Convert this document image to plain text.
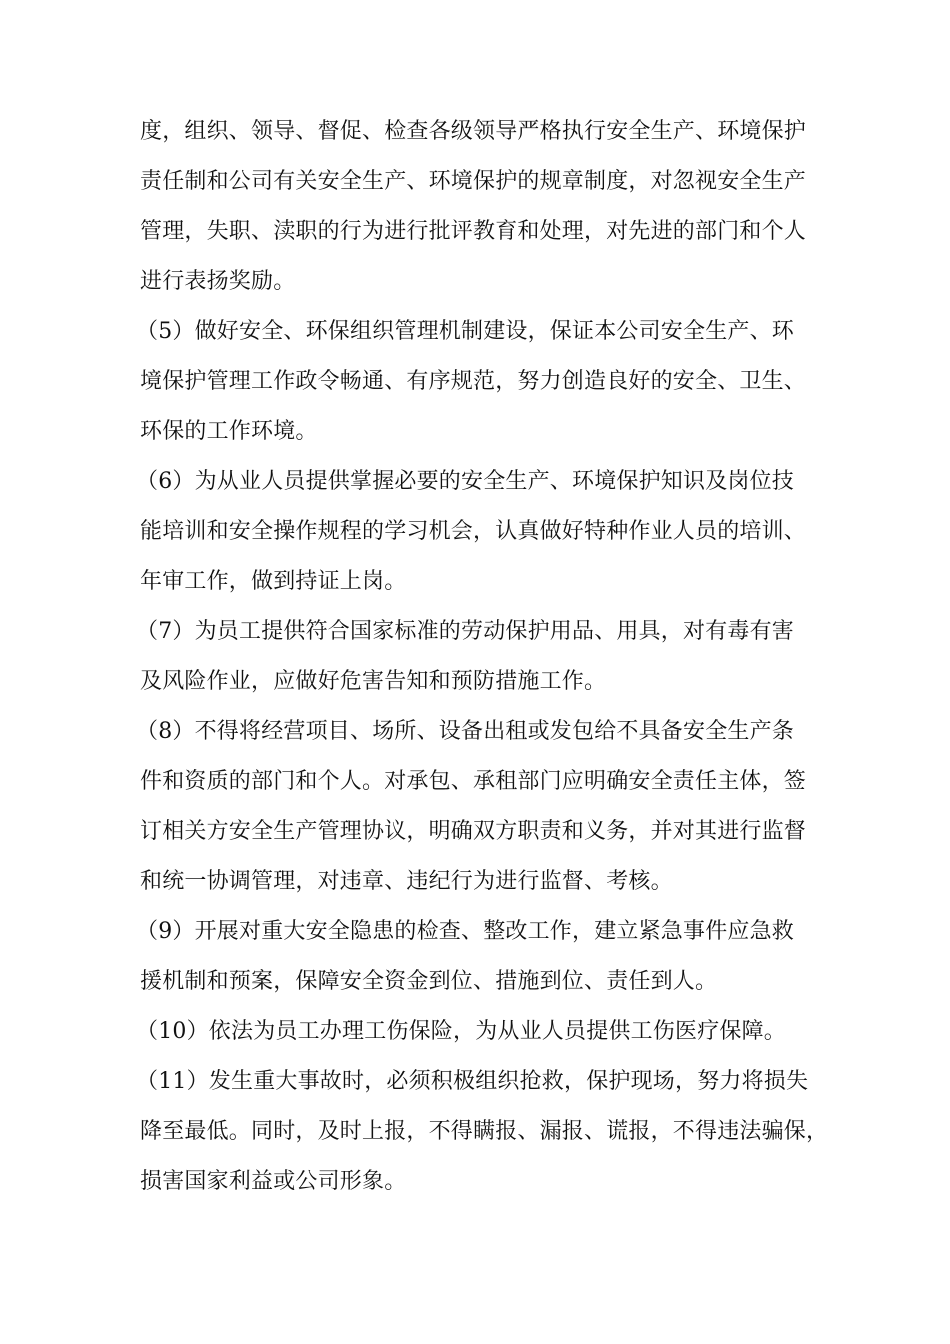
度，组织、领导、督促、检查各级领导严格执行安全生产、环境保护
责任制和公司有关安全生产、环境保护的规章制度，对忽视安全生产
管理，失职、渎职的行为进行批评教育和处理，对先进的部门和个人
进行表扬奖励。
（5）做好安全、环保组织管理机制建设，保证本公司安全生产、环
境保护管理工作政令畅通、有序规范，努力创造良好的安全、卫生、
环保的工作环境。
（6）为从业人员提供掌握必要的安全生产、环境保护知识及岗位技
能培训和安全操作规程的学习机会，认真做好特种作业人员的培训、
年审工作，做到持证上岗。
（7）为员工提供符合国家标准的劳动保护用品、用具，对有毒有害
及风险作业，应做好危害告知和预防措施工作。
（8）不得将经营项目、场所、设备出租或发包给不具备安全生产条
件和资质的部门和个人。对承包、承租部门应明确安全责任主体，签
订相关方安全生产管理协议，明确双方职责和义务，并对其进行监督
和统一协调管理，对违章、违纪行为进行监督、考核。
（9）开展对重大安全隐患的检查、整改工作，建立紧急事件应急救
援机制和预案，保障安全资金到位、措施到位、责任到人。
（10）依法为员工办理工伤保险，为从业人员提供工伤医疗保障。
（11）发生重大事故时，必须积极组织抢救，保护现场，努力将损失
降至最低。同时，及时上报，不得瞒报、漏报、谎报，不得违法骗保，
损害国家利益或公司形象。
